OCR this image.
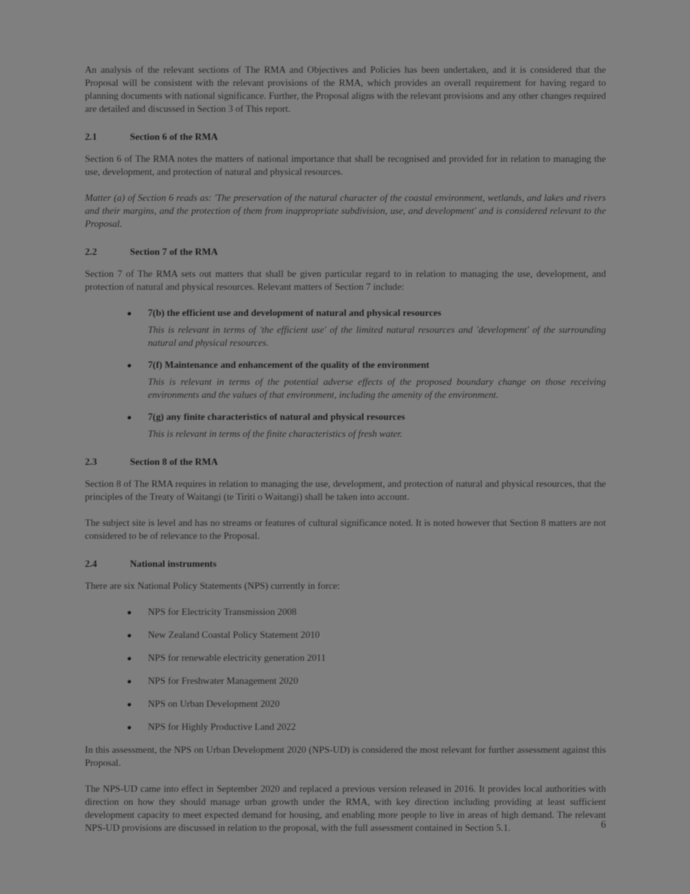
An analysis of the relevant sections of The RMA and Objectives and Policies has been undertaken, and it is considered that the Proposal will be consistent with the relevant provisions of the RMA, which provides an overall requirement for having regard to planning documents with national significance. Further, the Proposal aligns with the relevant provisions and any other changes required are detailed and discussed in Section 3 of This report.

2.1	Section 6 of the RMA

Section 6 of The RMA notes the matters of national importance that shall be recognised and provided for in relation to managing the use, development, and protection of natural and physical resources.

Matter (a) of Section 6 reads as: 'The preservation of the natural character of the coastal environment, wetlands, and lakes and rivers and their margins, and the protection of them from inappropriate subdivision, use, and development' and is considered relevant to the Proposal.

2.2	Section 7 of the RMA

Section 7 of The RMA sets out matters that shall be given particular regard to in relation to managing the use, development, and protection of natural and physical resources. Relevant matters of Section 7 include:

● 7(b) the efficient use and development of natural and physical resources
This is relevant in terms of 'the efficient use' of the limited natural resources and 'development' of the surrounding natural and physical resources.
● 7(f) Maintenance and enhancement of the quality of the environment
This is relevant in terms of the potential adverse effects of the proposed boundary change on those receiving environments and the values of that environment, including the amenity of the environment.
● 7(g) any finite characteristics of natural and physical resources
This is relevant in terms of the finite characteristics of fresh water.
2.3	Section 8 of the RMA

Section 8 of The RMA requires in relation to managing the use, development, and protection of natural and physical resources, that the principles of the Treaty of Waitangi (te Tiriti o Waitangi) shall be taken into account.

The subject site is level and has no streams or features of cultural significance noted. It is noted however that Section 8 matters are not considered to be of relevance to the Proposal.

2.4	National instruments

There are six National Policy Statements (NPS) currently in force:

● NPS for Electricity Transmission 2008
● New Zealand Coastal Policy Statement 2010
● NPS for renewable electricity generation 2011
● NPS for Freshwater Management 2020
● NPS on Urban Development 2020
● NPS for Highly Productive Land 2022

In this assessment, the NPS on Urban Development 2020 (NPS-UD) is considered the most relevant for further assessment against this Proposal.

The NPS-UD came into effect in September 2020 and replaced a previous version released in 2016. It provides local authorities with direction on how they should manage urban growth under the RMA, with key direction including providing at least sufficient development capacity to meet expected demand for housing, and enabling more people to live in areas of high demand. The relevant NPS-UD provisions are discussed in relation to the proposal, with the full assessment contained in Section 5.1.	6
